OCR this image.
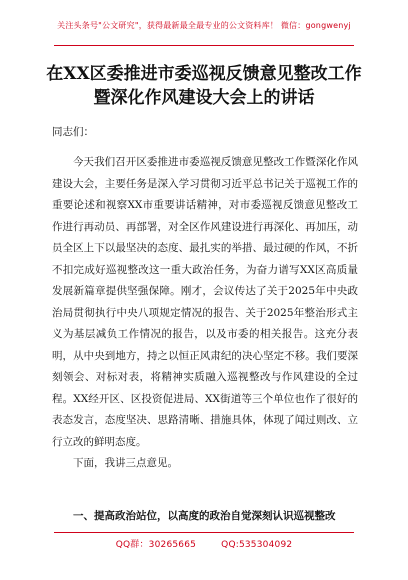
关注头条号"公文研究"，获得最新最全最专业的公文资料库！ 微信：gongwenyj
在XX区委推进市委巡视反馈意见整改工作暨深化作风建设大会上的讲话
同志们：

今天我们召开区委推进市委巡视反馈意见整改工作暨深化作风建设大会，主要任务是深入学习贯彻习近平总书记关于巡视工作的重要论述和视察XX市重要讲话精神，对市委巡视反馈意见整改工作进行再动员、再部署，对全区作风建设进行再深化、再加压，动员全区上下以最坚决的态度、最扎实的举措、最过硬的作风，不折不扣完成好巡视整改这一重大政治任务，为奋力谱写XX区高质量发展新篇章提供坚强保障。刚才，会议传达了关于2025年中央政治局贯彻执行中央八项规定情况的报告、关于2025年整治形式主义为基层减负工作情况的报告，以及市委的相关报告。这充分表明，从中央到地方，持之以恒正风肃纪的决心坚定不移。我们要深刻领会、对标对表，将精神实质融入巡视整改与作风建设的全过程。XX经开区、区投资促进局、XX街道等三个单位也作了很好的表态发言，态度坚决、思路清晰、措施具体，体现了闻过则改、立行立改的鲜明态度。

下面，我讲三点意见。

一、提高政治站位，以高度的政治自觉深刻认识巡视整改
QQ群：30265665	QQ:535304092
